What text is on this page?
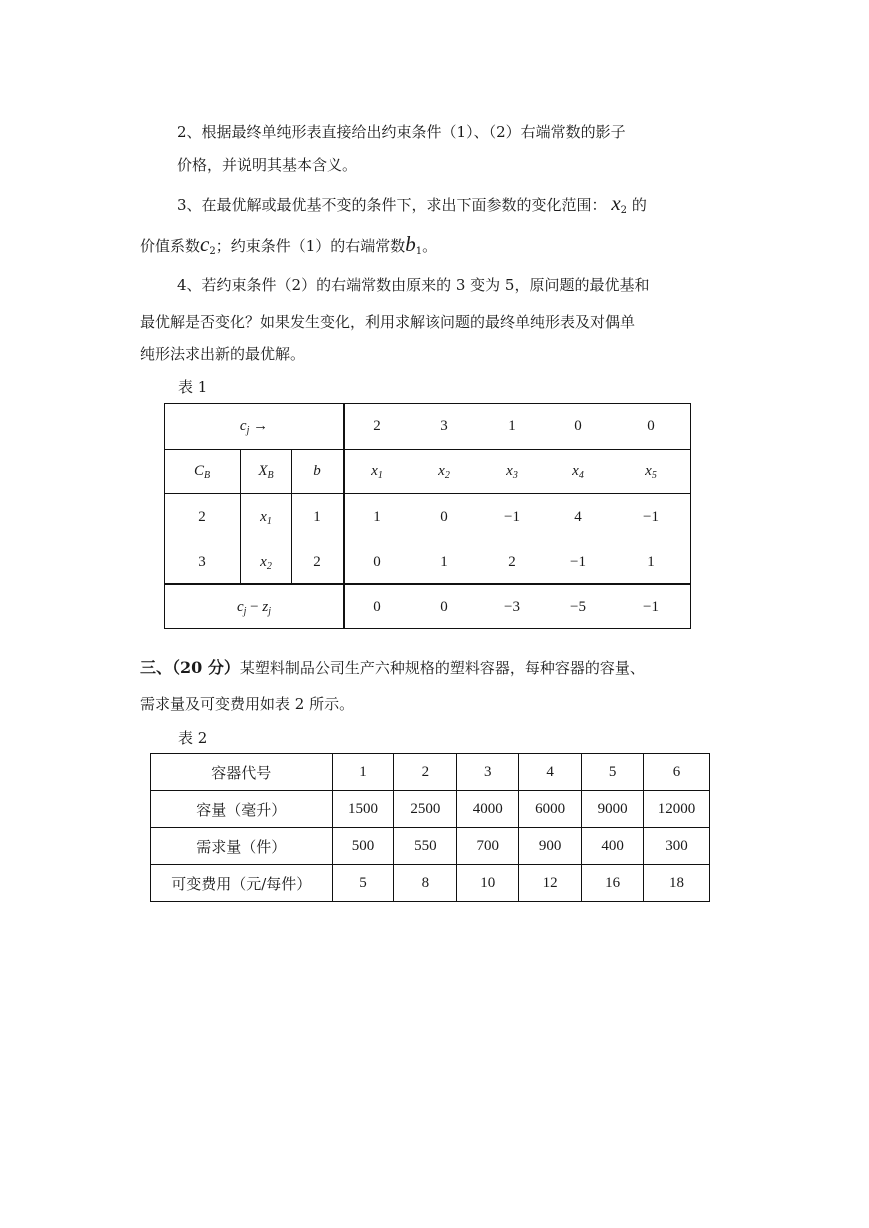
2、根据最终单纯形表直接给出约束条件（1）、（2）右端常数的影子
价格，并说明其基本含义。
3、在最优解或最优基不变的条件下，求出下面参数的变化范围： $x_2$ 的
价值系数$c_2$；约束条件（1）的右端常数$b_1$。
4、若约束条件（2）的右端常数由原来的 3 变为 5，原问题的最优基和
最优解是否变化？如果发生变化，利用求解该问题的最终单纯形表及对偶单
纯形法求出新的最优解。
表 1
$c_j$ →	2	3	1	0	0
$C_B$	$X_B$	b	$x_1$	$x_2$	$x_3$	$x_4$	$x_5$
2	$x_1$	1	1	0	−1	4	−1
3	$x_2$	2	0	1	2	−1	1
$c_j - z_j$	0	0	−3	−5	−1
三、（20 分）某塑料制品公司生产六种规格的塑料容器，每种容器的容量、
需求量及可变费用如表 2 所示。
表 2
容器代号	1	2	3	4	5	6
容量（毫升）	1500	2500	4000	6000	9000	12000
需求量（件）	500	550	700	900	400	300
可变费用（元/每件）	5	8	10	12	16	18
